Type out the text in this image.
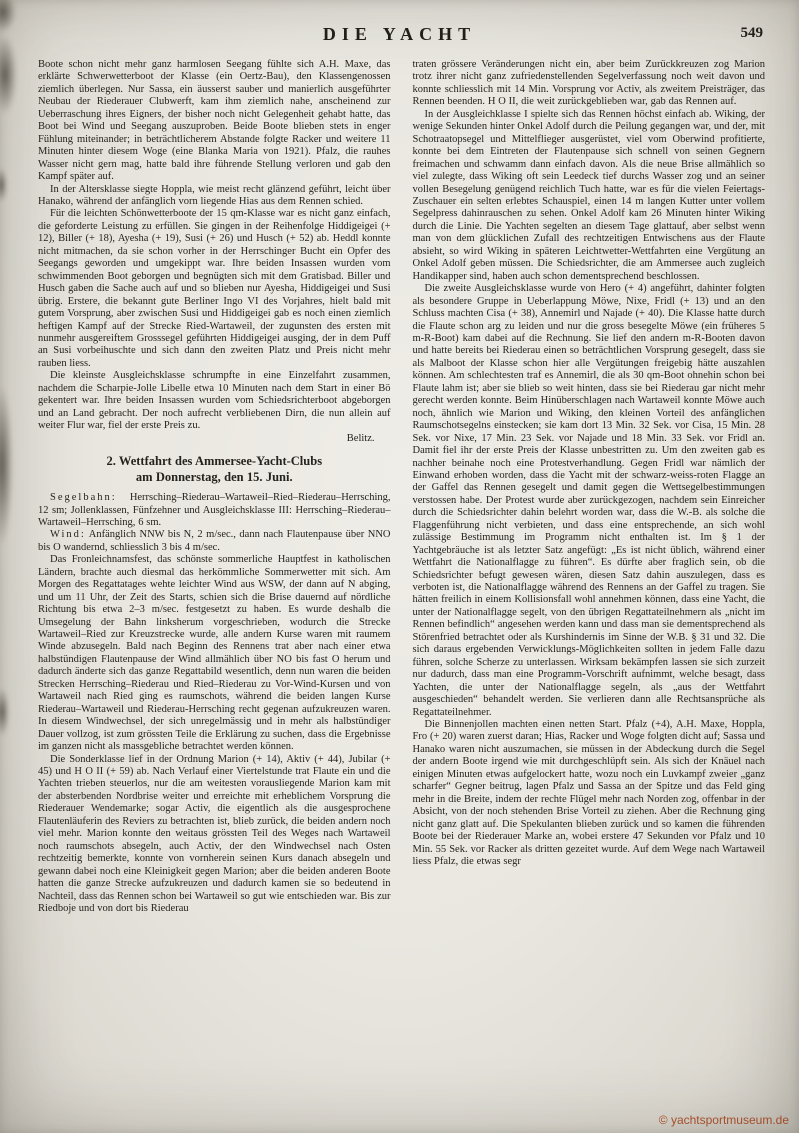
DIE YACHT	549

Boote schon nicht mehr ganz harmlosen Seegang fühlte sich A.H. Maxe, das erklärte Schwerwetterboot der Klasse (ein Oertz-Bau), den Klassengenossen ziemlich überlegen. Nur Sassa, ein äusserst sauber und manierlich ausgeführter Neubau der Riederauer Clubwerft, kam ihm ziemlich nahe, anscheinend zur Ueberraschung ihres Eigners, der bisher noch nicht Gelegenheit gehabt hatte, das Boot bei Wind und Seegang auszuproben. Beide Boote blieben stets in enger Fühlung miteinander; in beträchtlicherem Abstande folgte Racker und weitere 11 Minuten hinter diesem Woge (eine Blanka Maria von 1921). Pfalz, die rauhes Wasser nicht gern mag, hatte bald ihre führende Stellung verloren und gab den Kampf später auf.

In der Altersklasse siegte Hoppla, wie meist recht glänzend geführt, leicht über Hanako, während der anfänglich vorn liegende Hias aus dem Rennen schied.

Für die leichten Schönwetterboote der 15 qm-Klasse war es nicht ganz einfach, die geforderte Leistung zu erfüllen. Sie gingen in der Reihenfolge Hiddigeigei (+ 12), Biller (+ 18), Ayesha (+ 19), Susi (+ 26) und Husch (+ 52) ab. Heddl konnte nicht mitmachen, da sie schon vorher in der Herrschinger Bucht ein Opfer des Seegangs geworden und umgekippt war. Ihre beiden Insassen wurden vom schwimmenden Boot geborgen und begnügten sich mit dem Gratisbad. Biller und Husch gaben die Sache auch auf und so blieben nur Ayesha, Hiddigeigei und Susi übrig. Erstere, die bekannt gute Berliner Ingo VI des Vorjahres, hielt bald mit gutem Vorsprung, aber zwischen Susi und Hiddigeigei gab es noch einen ziemlich heftigen Kampf auf der Strecke Ried-Wartaweil, der zugunsten des ersten mit nunmehr ausgereiftem Grosssegel geführten Hiddigeigei ausging, der in dem Puff an Susi vorbeihuschte und sich dann den zweiten Platz und Preis nicht mehr rauben liess.

Die kleinste Ausgleichsklasse schrumpfte in eine Einzelfahrt zusammen, nachdem die Scharpie-Jolle Libelle etwa 10 Minuten nach dem Start in einer Bö gekentert war. Ihre beiden Insassen wurden vom Schiedsrichterboot abgeborgen und an Land gebracht. Der noch aufrecht verbliebenen Dirn, die nun allein auf weiter Flur war, fiel der erste Preis zu.

Belitz.

2. Wettfahrt des Ammersee-Yacht-Clubs
am Donnerstag, den 15. Juni.

Segelbahn: Herrsching–Riederau–Wartaweil–Ried–Riederau–Herrsching, 12 sm; Jollenklassen, Fünfzehner und Ausgleichsklasse III: Herrsching–Riederau–Wartaweil–Herrsching, 6 sm.

Wind: Anfänglich NNW bis N, 2 m/sec., dann nach Flautenpause über NNO bis O wandernd, schliesslich 3 bis 4 m/sec.

Das Fronleichnamsfest, das schönste sommerliche Hauptfest in katholischen Ländern, brachte auch diesmal das herkömmliche Sommerwetter mit sich. Am Morgen des Regattatages wehte leichter Wind aus WSW, der dann auf N abging, und um 11 Uhr, der Zeit des Starts, schien sich die Brise dauernd auf nördliche Richtung bis etwa 2–3 m/sec. festgesetzt zu haben. Es wurde deshalb die Umsegelung der Bahn linksherum vorgeschrieben, wodurch die Strecke Wartaweil–Ried zur Kreuzstrecke wurde, alle andern Kurse waren mit raumem Winde abzusegeln. Bald nach Beginn des Rennens trat aber nach einer etwa halbstündigen Flautenpause der Wind allmählich über NO bis fast O herum und dadurch änderte sich das ganze Regattabild wesentlich, denn nun waren die beiden Strecken Herrsching–Riederau und Ried–Riederau zu Vor-Wind-Kursen und von Wartaweil nach Ried ging es raumschots, während die beiden langen Kurse Riederau–Wartaweil und Riederau-Herrsching recht gegenan aufzukreuzen waren. In diesem Windwechsel, der sich unregelmässig und in mehr als halbstündiger Dauer vollzog, ist zum grössten Teile die Erklärung zu suchen, dass die Ergebnisse im ganzen nicht als massgebliche betrachtet werden können.

Die Sonderklasse lief in der Ordnung Marion (+ 14), Aktiv (+ 44), Jubilar (+ 45) und H O II (+ 59) ab. Nach Verlauf einer Viertelstunde trat Flaute ein und die Yachten trieben steuerlos, nur die am weitesten vorausliegende Marion kam mit der absterbenden Nordbrise weiter und erreichte mit erheblichem Vorsprung die Riederauer Wendemarke; sogar Activ, die eigentlich als die ausgesprochene Flautenläuferin des Reviers zu betrachten ist, blieb zurück, die beiden andern noch viel mehr. Marion konnte den weitaus grössten Teil des Weges nach Wartaweil noch raumschots absegeln, auch Activ, der den Windwechsel nach Osten rechtzeitig bemerkte, konnte von vornherein seinen Kurs danach absegeln und gewann dabei noch eine Kleinigkeit gegen Marion; aber die beiden anderen Boote hatten die ganze Strecke aufzukreuzen und dadurch kamen sie so bedeutend in Nachteil, dass das Rennen schon bei Wartaweil so gut wie entschieden war. Bis zur Riedboje und von dort bis Riederau

traten grössere Veränderungen nicht ein, aber beim Zurückkreuzen zog Marion trotz ihrer nicht ganz zufriedenstellenden Segelverfassung noch weit davon und konnte schliesslich mit 14 Min. Vorsprung vor Activ, als zweitem Preisträger, das Rennen beenden. H O II, die weit zurückgeblieben war, gab das Rennen auf.

In der Ausgleichklasse I spielte sich das Rennen höchst einfach ab. Wiking, der wenige Sekunden hinter Onkel Adolf durch die Peilung gegangen war, und der, mit Schotraatopsegel und Mittelflieger ausgerüstet, viel vom Oberwind profitierte, konnte bei dem Eintreten der Flautenpause sich schnell von seinen Gegnern freimachen und schwamm dann einfach davon. Als die neue Brise allmählich so viel zulegte, dass Wiking oft sein Leedeck tief durchs Wasser zog und an seiner vollen Besegelung genügend reichlich Tuch hatte, war es für die vielen Feiertags-Zuschauer ein selten erlebtes Schauspiel, einen 14 m langen Kutter unter vollem Segelpress dahinrauschen zu sehen. Onkel Adolf kam 26 Minuten hinter Wiking durch die Linie. Die Yachten segelten an diesem Tage glattauf, aber selbst wenn man von dem glücklichen Zufall des rechtzeitigen Entwischens aus der Flaute absieht, so wird Wiking in späteren Leichtwetter-Wettfahrten eine Vergütung an Onkel Adolf geben müssen. Die Schiedsrichter, die am Ammersee auch zugleich Handikapper sind, haben auch schon dementsprechend beschlossen.

Die zweite Ausgleichsklasse wurde von Hero (+ 4) angeführt, dahinter folgten als besondere Gruppe in Ueberlappung Möwe, Nixe, Fridl (+ 13) und an den Schluss machten Cisa (+ 38), Annemirl und Najade (+ 40). Die Klasse hatte durch die Flaute schon arg zu leiden und nur die gross besegelte Möwe (ein früheres 5 m-R-Boot) kam dabei auf die Rechnung. Sie lief den andern m-R-Booten davon und hatte bereits bei Riederau einen so beträchtlichen Vorsprung gesegelt, dass sie als Malboot der Klasse schon hier alle Vergütungen freigebig hätte auszahlen können. Am schlechtesten traf es Annemirl, die als 30 qm-Boot ohnehin schon bei Flaute lahm ist; aber sie blieb so weit hinten, dass sie bei Riederau gar nicht mehr gerecht werden konnte. Beim Hinüberschlagen nach Wartaweil konnte Möwe auch noch, ähnlich wie Marion und Wiking, den kleinen Vorteil des anfänglichen Raumschotsegelns einstecken; sie kam dort 13 Min. 32 Sek. vor Cisa, 15 Min. 28 Sek. vor Nixe, 17 Min. 23 Sek. vor Najade und 18 Min. 33 Sek. vor Fridl an. Damit fiel ihr der erste Preis der Klasse unbestritten zu. Um den zweiten gab es nachher beinahe noch eine Protestverhandlung. Gegen Fridl war nämlich der Einwand erhoben worden, dass die Yacht mit der schwarz-weiss-roten Flagge an der Gaffel das Rennen gesegelt und damit gegen die Wettsegelbestimmungen verstossen habe. Der Protest wurde aber zurückgezogen, nachdem sein Einreicher durch die Schiedsrichter dahin belehrt worden war, dass die W.-B. als solche die Flaggenführung nicht verbieten, und dass eine entsprechende, an sich wohl zulässige Bestimmung im Programm nicht enthalten ist. Im § 1 der Yachtgebräuche ist als letzter Satz angefügt: „Es ist nicht üblich, während einer Wettfahrt die Nationalflagge zu führen“. Es dürfte aber fraglich sein, ob die Schiedsrichter befugt gewesen wären, diesen Satz dahin auszulegen, dass es verboten ist, die Nationalflagge während des Rennens an der Gaffel zu tragen. Sie hätten freilich in einem Kollisionsfall wohl annehmen können, dass eine Yacht, die unter der Nationalflagge segelt, von den übrigen Regattateilnehmern als „nicht im Rennen befindlich“ angesehen werden kann und dass man sie dementsprechend als Störenfried betrachtet oder als Kurshindernis im Sinne der W.B. § 31 und 32. Die sich daraus ergebenden Verwicklungs-Möglichkeiten sollten in jedem Falle dazu führen, solche Scherze zu unterlassen. Wirksam bekämpfen lassen sie sich zurzeit nur dadurch, dass man eine Programm-Vorschrift aufnimmt, welche besagt, dass Yachten, die unter der Nationalflagge segeln, als „aus der Wettfahrt ausgeschieden“ behandelt werden. Sie verlieren dann alle Rechtsansprüche als Regattateilnehmer.

Die Binnenjollen machten einen netten Start. Pfalz (+4), A.H. Maxe, Hoppla, Fro (+ 20) waren zuerst daran; Hias, Racker und Woge folgten dicht auf; Sassa und Hanako waren nicht auszumachen, sie müssen in der Abdeckung durch die Segel der andern Boote irgend wie mit durchgeschlüpft sein. Als sich der Knäuel nach einigen Minuten etwas aufgelockert hatte, wozu noch ein Luvkampf zweier „ganz scharfer“ Gegner beitrug, lagen Pfalz und Sassa an der Spitze und das Feld ging mehr in die Breite, indem der rechte Flügel mehr nach Norden zog, offenbar in der Absicht, von der noch stehenden Brise Vorteil zu ziehen. Aber die Rechnung ging nicht ganz glatt auf. Die Spekulanten blieben zurück und so kamen die führenden Boote bei der Riederauer Marke an, wobei erstere 47 Sekunden vor Pfalz und 10 Min. 55 Sek. vor Racker als dritten gezeitet wurde. Auf dem Wege nach Wartaweil liess Pfalz, die etwas segr

© yachtsportmuseum.de
